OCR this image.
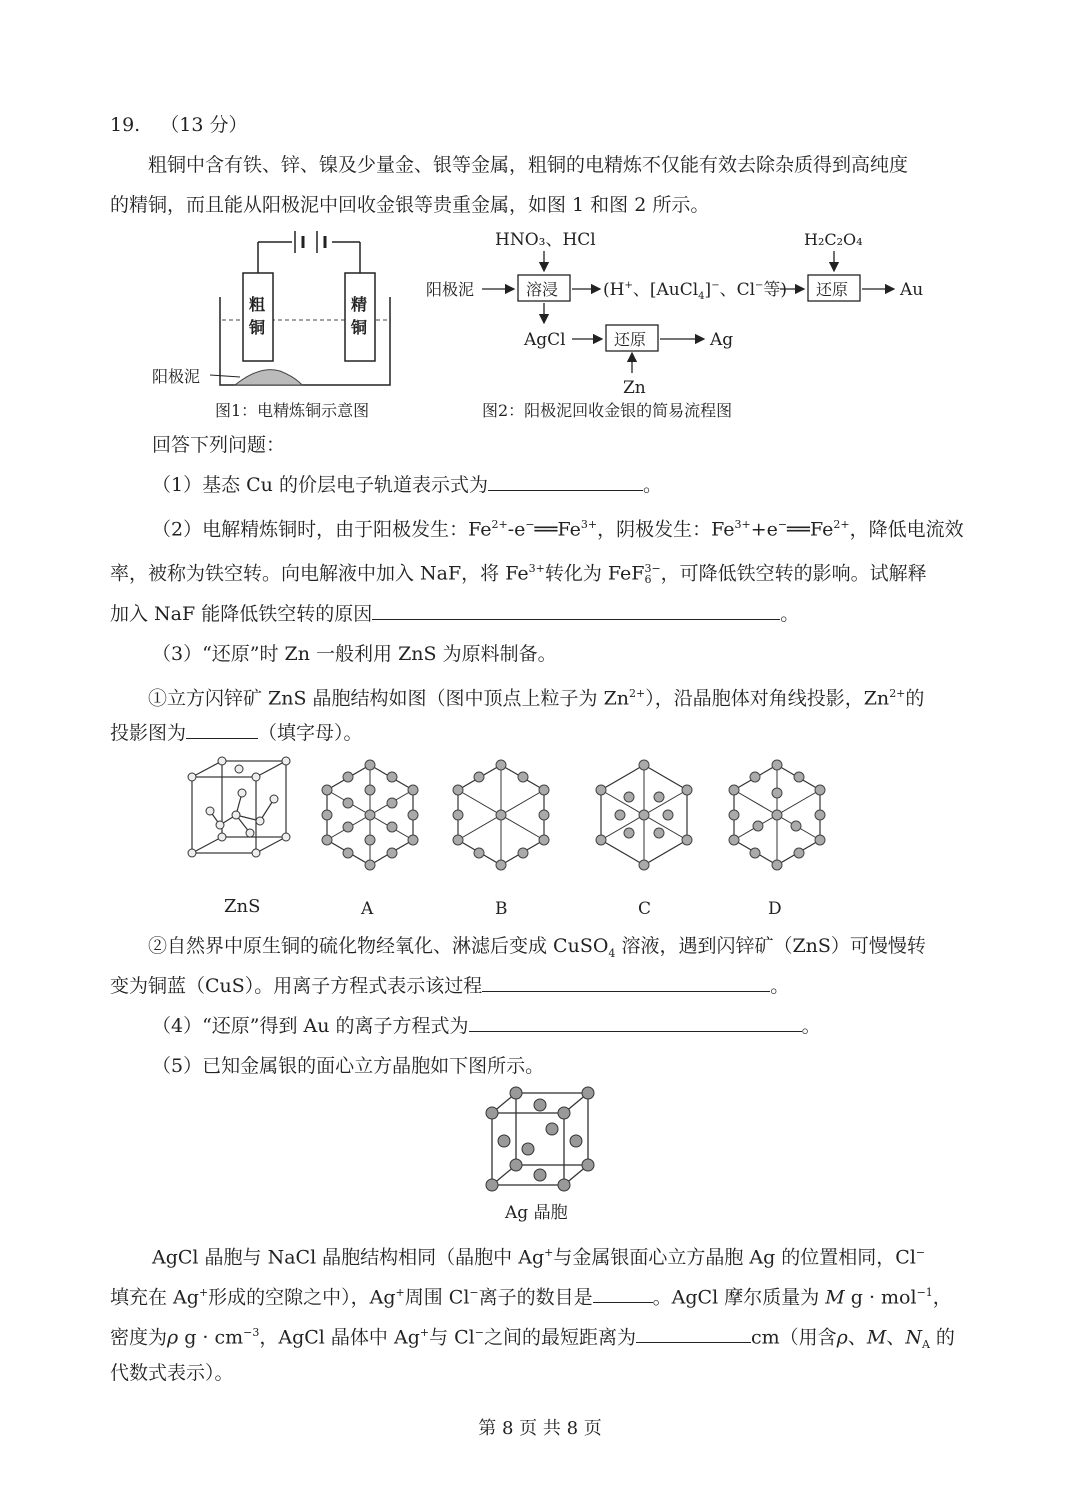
19. （13 分）
粗铜中含有铁、锌、镍及少量金、银等金属，粗铜的电精炼不仅能有效去除杂质得到高纯度
的精铜，而且能从阳极泥中回收金银等贵重金属，如图 1 和图 2 所示。
阳极泥
粗
铜
精
铜
图1：电精炼铜示意图
HNO₃、HCl
阳极泥	溶浸	(H+、[AuCl$_4$]−、Cl−等)
H₂C₂O₄
还原	Au
AgCl	还原	Ag
Zn
图2：阳极泥回收金银的简易流程图
回答下列问题：
（1）基态 Cu 的价层电子轨道表示式为	。
（2）电解精炼铜时，由于阳极发生：$Fe^{2+}-e^-══Fe^{3+}$，阴极发生：$Fe^{3+}+e^-══Fe^{2+}$，降低电流效
率，被称为铁空转。向电解液中加入 NaF，将 $Fe^{3+}$转化为 FeF 3−
6 ，可降低铁空转的影响。试解释
加入 NaF 能降低铁空转的原因	。
（3）“还原”时 Zn 一般利用 ZnS 为原料制备。
①立方闪锌矿 ZnS 晶胞结构如图（图中顶点上粒子为 $Zn^{2+}$），沿晶胞体对角线投影，$Zn^{2+}$的
投影图为	（填字母）。
ZnS	A	B	C	D
②自然界中原生铜的硫化物经氧化、淋滤后变成 CuSO$_4$ 溶液，遇到闪锌矿（ZnS）可慢慢转
变为铜蓝（CuS）。用离子方程式表示该过程	。
（4）“还原”得到 Au 的离子方程式为	。
（5）已知金属银的面心立方晶胞如下图所示。
Ag 晶胞
AgCl 晶胞与 NaCl 晶胞结构相同（晶胞中 Ag+与金属银面心立方晶胞 Ag 的位置相同，Cl−
填充在 Ag+形成的空隙之中），Ag+周围 Cl−离子的数目是	。AgCl 摩尔质量为 M g · mol$^{-1}$，
密度为ρ $g \cdot cm^{-3}$，AgCl 晶体中 Ag+与 Cl−之间的最短距离为	cm（用含ρ、M、$N_A$ 的
代数式表示）。
第 8 页 共 8 页
